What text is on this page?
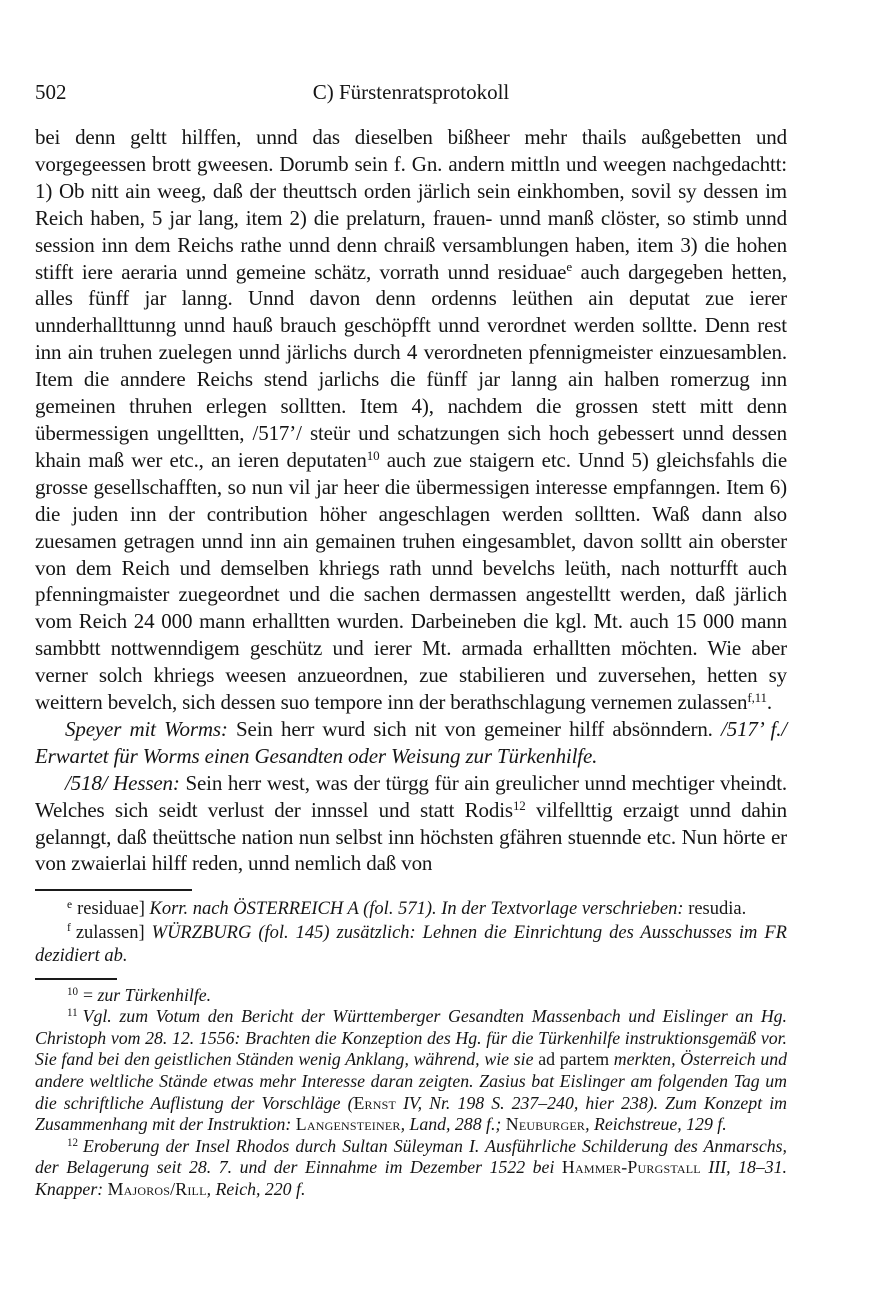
502	C) Fürstenratsprotokoll

bei denn geltt hilffen, unnd das dieselben bißheer mehr thails außgebetten und vorgegeessen brott gweesen. Dorumb sein f. Gn. andern mittln und weegen nachgedachtt: 1) Ob nitt ain weeg, daß der theuttsch orden järlich sein einkhomben, sovil sy dessen im Reich haben, 5 jar lang, item 2) die prelaturn, frauen- unnd manß clöster, so stimb unnd session inn dem Reichs rathe unnd denn chraiß versamblungen haben, item 3) die hohen stifft iere aeraria unnd gemeine schätz, vorrath unnd residuae$^e$ auch dargegeben hetten, alles fünff jar lanng. Unnd davon denn ordenns leüthen ain deputat zue ierer unnderhallttunng unnd hauß brauch geschöpfft unnd verordnet werden solltte. Denn rest inn ain truhen zuelegen unnd järlichs durch 4 verordneten pfennigmeister einzuesamblen. Item die anndere Reichs stend jarlichs die fünff jar lanng ain halben romerzug inn gemeinen thruhen erlegen solltten. Item 4), nachdem die grossen stett mitt denn übermessigen ungelltten, /517’/ steür und schatzungen sich hoch gebessert unnd dessen khain maß wer etc., an ieren deputaten$^{10}$ auch zue staigern etc. Unnd 5) gleichsfahls die grosse gesellschafften, so nun vil jar heer die übermessigen interesse empfanngen. Item 6) die juden inn der contribution höher angeschlagen werden solltten. Waß dann also zuesamen getragen unnd inn ain gemainen truhen eingesamblet, davon solltt ain oberster von dem Reich und demselben khriegs rath unnd bevelchs leüth, nach notturfft auch pfenningmaister zuegeordnet und die sachen dermassen angestelltt werden, daß järlich vom Reich 24 000 mann erhalltten wurden. Darbeineben die kgl. Mt. auch 15 000 mann sambbtt nottwenndigem geschütz und ierer Mt. armada erhalltten möchten. Wie aber verner solch khriegs weesen anzueordnen, zue stabilieren und zuversehen, hetten sy weittern bevelch, sich dessen suo tempore inn der berathschlagung vernemen zulassen$^{f,11}$.

Speyer mit Worms: Sein herr wurd sich nit von gemeiner hilff absönndern. /517’ f./ Erwartet für Worms einen Gesandten oder Weisung zur Türkenhilfe.

/518/ Hessen: Sein herr west, was der türgg für ain greulicher unnd mechtiger vheindt. Welches sich seidt verlust der innssel und statt Rodis$^{12}$ vilfellttig erzaigt unnd dahin gelanngt, daß theüttsche nation nun selbst inn höchsten gfähren stuennde etc. Nun hörte er von zwaierlai hilff reden, unnd nemlich daß von

$^e$ residuae] Korr. nach ÖSTERREICH A (fol. 571). In der Textvorlage verschrieben: resudia.

$^f$ zulassen] WÜRZBURG (fol. 145) zusätzlich: Lehnen die Einrichtung des Ausschusses im FR dezidiert ab.

$^{10}$ = zur Türkenhilfe.

$^{11}$ Vgl. zum Votum den Bericht der Württemberger Gesandten Massenbach und Eislinger an Hg. Christoph vom 28. 12. 1556: Brachten die Konzeption des Hg. für die Türkenhilfe instruktionsgemäß vor. Sie fand bei den geistlichen Ständen wenig Anklang, während, wie sie ad partem merkten, Österreich und andere weltliche Stände etwas mehr Interesse daran zeigten. Zasius bat Eislinger am folgenden Tag um die schriftliche Auflistung der Vorschläge (Ernst IV, Nr. 198 S. 237–240, hier 238). Zum Konzept im Zusammenhang mit der Instruktion: Langensteiner, Land, 288 f.; Neuburger, Reichstreue, 129 f.

$^{12}$ Eroberung der Insel Rhodos durch Sultan Süleyman I. Ausführliche Schilderung des Anmarschs, der Belagerung seit 28. 7. und der Einnahme im Dezember 1522 bei Hammer-Purgstall III, 18–31. Knapper: Majoros/Rill, Reich, 220 f.
